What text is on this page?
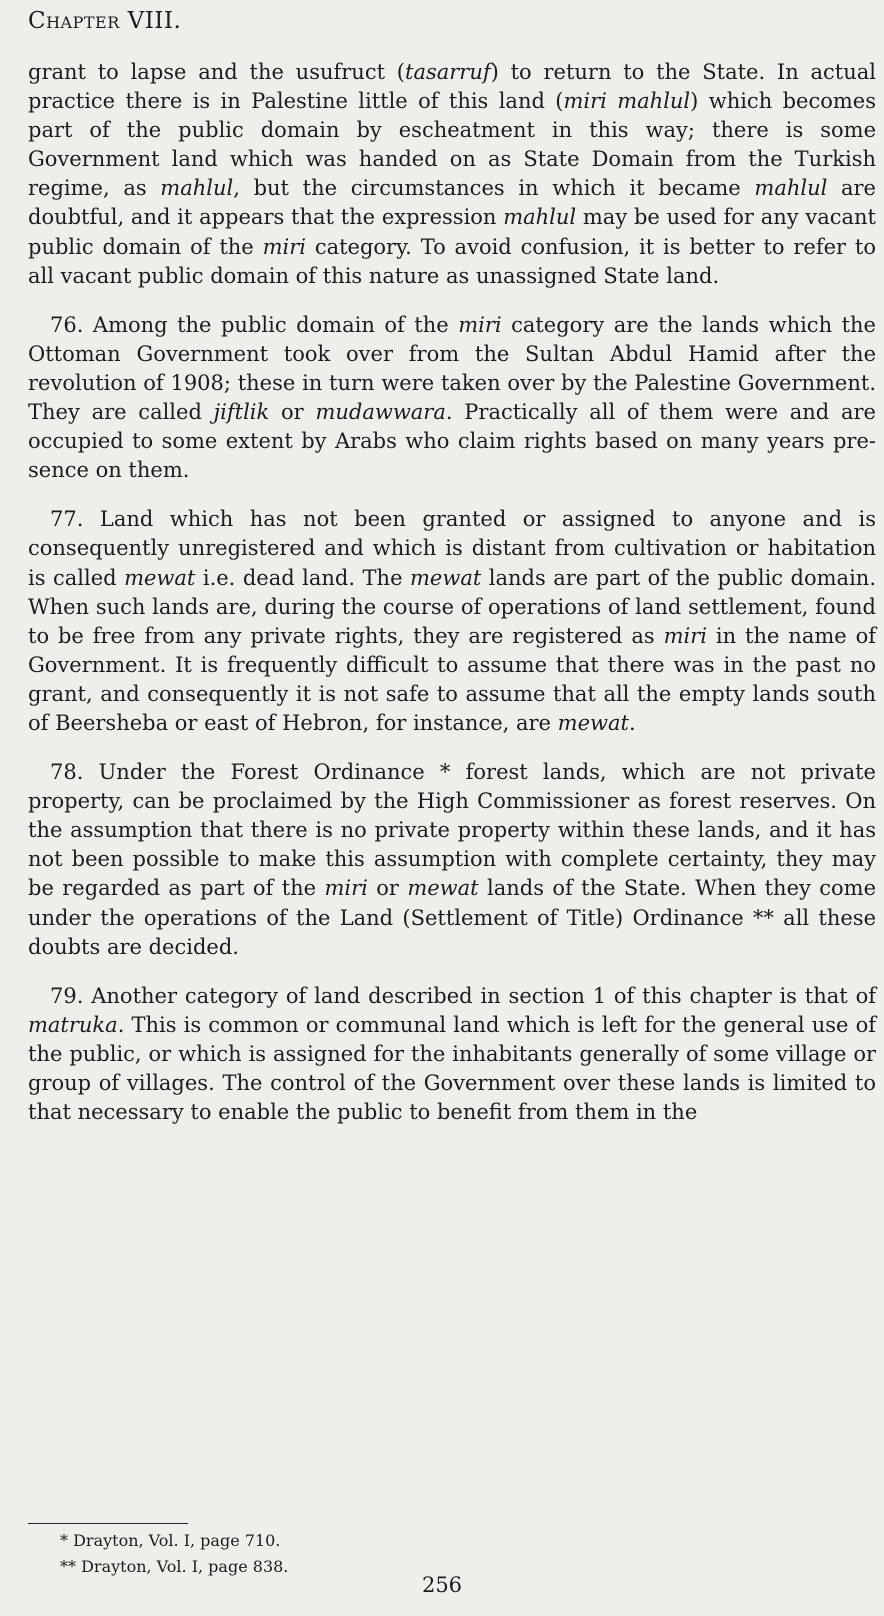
Chapter VIII.

grant to lapse and the usufruct (tasarruf) to return to the State. In actual practice there is in Palestine little of this land (miri mahlul) which becomes part of the public domain by escheatment in this way; there is some Government land which was handed on as State Domain from the Turkish regime, as mahlul, but the circumstances in which it became mahlul are doubtful, and it appears that the expression mahlul may be used for any vacant public domain of the miri category. To avoid confusion, it is better to refer to all vacant public domain of this nature as unassigned State land.

76. Among the public domain of the miri category are the lands which the Ottoman Government took over from the Sultan Abdul Hamid after the revolution of 1908; these in turn were taken over by the Palestine Government. They are called jiftlik or mudawwara. Practically all of them were and are occupied to some extent by Arabs who claim rights based on many years presence on them.

77. Land which has not been granted or assigned to anyone and is consequently unregistered and which is distant from cultivation or habitation is called mewat i.e. dead land. The mewat lands are part of the public domain. When such lands are, during the course of operations of land settlement, found to be free from any private rights, they are registered as miri in the name of Government. It is frequently difficult to assume that there was in the past no grant, and consequently it is not safe to assume that all the empty lands south of Beersheba or east of Hebron, for instance, are mewat.

78. Under the Forest Ordinance * forest lands, which are not private property, can be proclaimed by the High Commissioner as forest reserves. On the assumption that there is no private property within these lands, and it has not been possible to make this assumption with complete certainty, they may be regarded as part of the miri or mewat lands of the State. When they come under the operations of the Land (Settlement of Title) Ordinance ** all these doubts are decided.

79. Another category of land described in section 1 of this chapter is that of matruka. This is common or communal land which is left for the general use of the public, or which is assigned for the inhabitants generally of some village or group of villages. The control of the Government over these lands is limited to that necessary to enable the public to benefit from them in the

* Drayton, Vol. I, page 710.
** Drayton, Vol. I, page 838.
256
